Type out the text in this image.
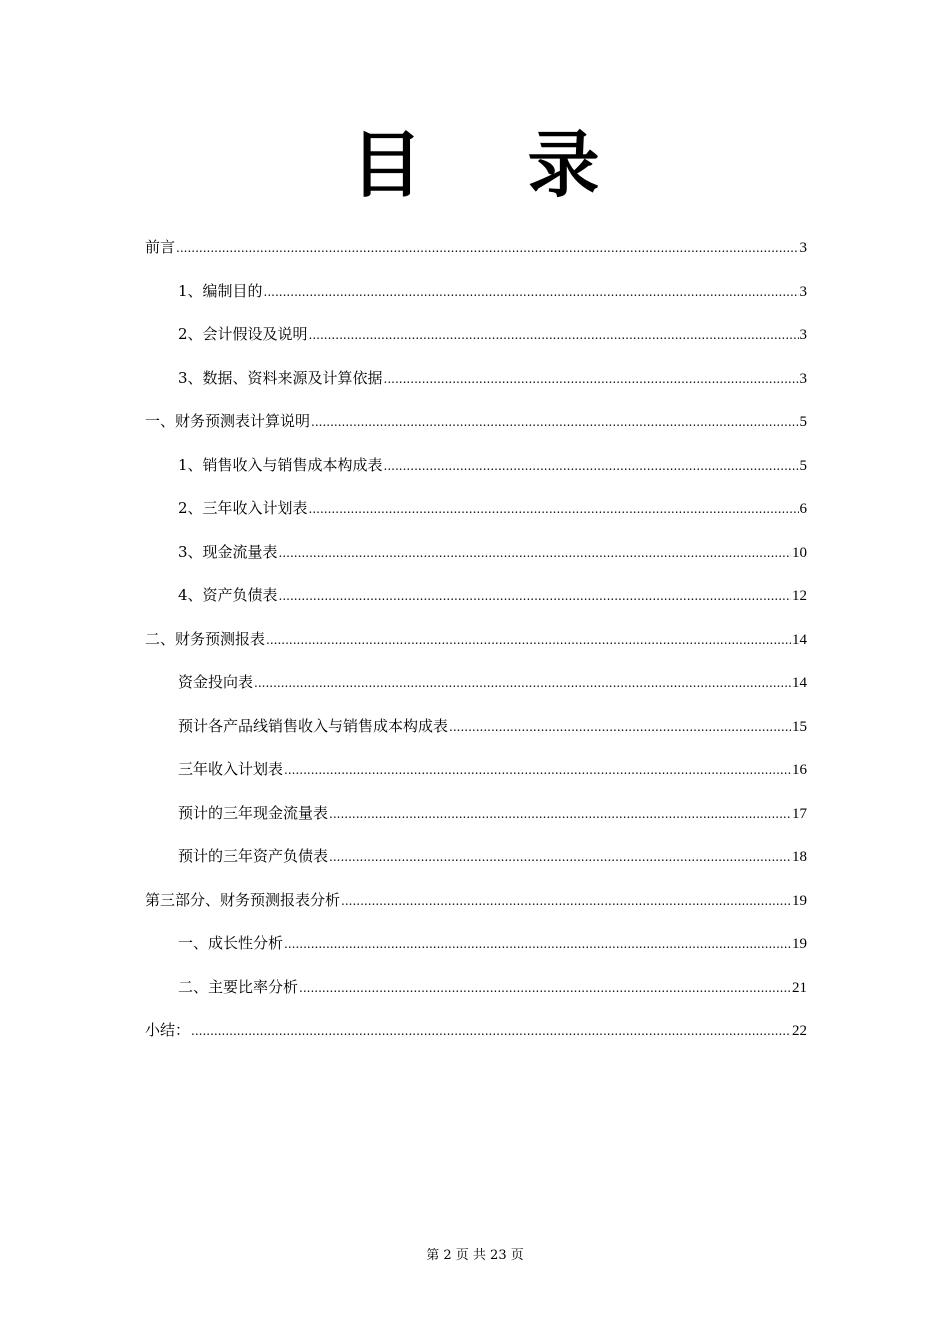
目 录
前言 .....	3
1、编制目的 .....	3
2、会计假设及说明 .....	3
3、数据、资料来源及计算依据 .....	3
一、财务预测表计算说明 .....	5
1、销售收入与销售成本构成表 .....	5
2、三年收入计划表 .....	6
3、现金流量表 .....	10
4、资产负债表 .....	12
二、财务预测报表 .....	14
资金投向表 .....	14
预计各产品线销售收入与销售成本构成表 .....	15
三年收入计划表 .....	16
预计的三年现金流量表 .....	17
预计的三年资产负债表 .....	18
第三部分、财务预测报表分析 .....	19
一、成长性分析 .....	19
二、主要比率分析 .....	21
小结： .....	22
第 2 页 共 23 页
